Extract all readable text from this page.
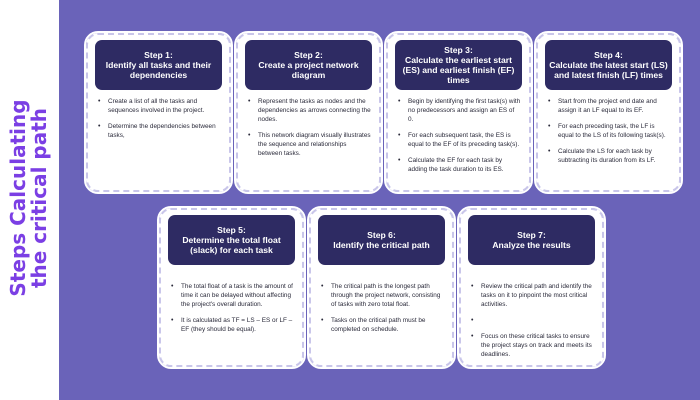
Steps Calculating
the critical path
Step 1:
Identify all tasks and their dependencies
• Create a list of all the tasks and sequences involved in the project.
• Determine the dependencies between tasks,
Step 2:
Create a project network diagram
• Represent the tasks as nodes and the dependencies as arrows connecting the nodes.
• This network diagram visually illustrates the sequence and relationships between tasks.
Step 3:
Calculate the earliest start (ES) and earliest finish (EF) times
• Begin by identifying the first task(s) with no predecessors and assign an ES of 0.
• For each subsequent task, the ES is equal to the EF of its preceding task(s).
• Calculate the EF for each task by adding the task duration to its ES.
Step 4:
Calculate the latest start (LS) and latest finish (LF) times
• Start from the project end date and assign it an LF equal to its EF.
• For each preceding task, the LF is equal to the LS of its following task(s).
• Calculate the LS for each task by subtracting its duration from its LF.
Step 5:
Determine the total float (slack) for each task
• The total float of a task is the amount of time it can be delayed without affecting the project's overall duration.
• It is calculated as TF = LS – ES or LF – EF (they should be equal).
Step 6:
Identify the critical path
• The critical path is the longest path through the project network, consisting of tasks with zero total float.
• Tasks on the critical path must be completed on schedule.
Step 7:
Analyze the results
• Review the critical path and identify the tasks on it to pinpoint the most critical activities.
•
• Focus on these critical tasks to ensure the project stays on track and meets its deadlines.
